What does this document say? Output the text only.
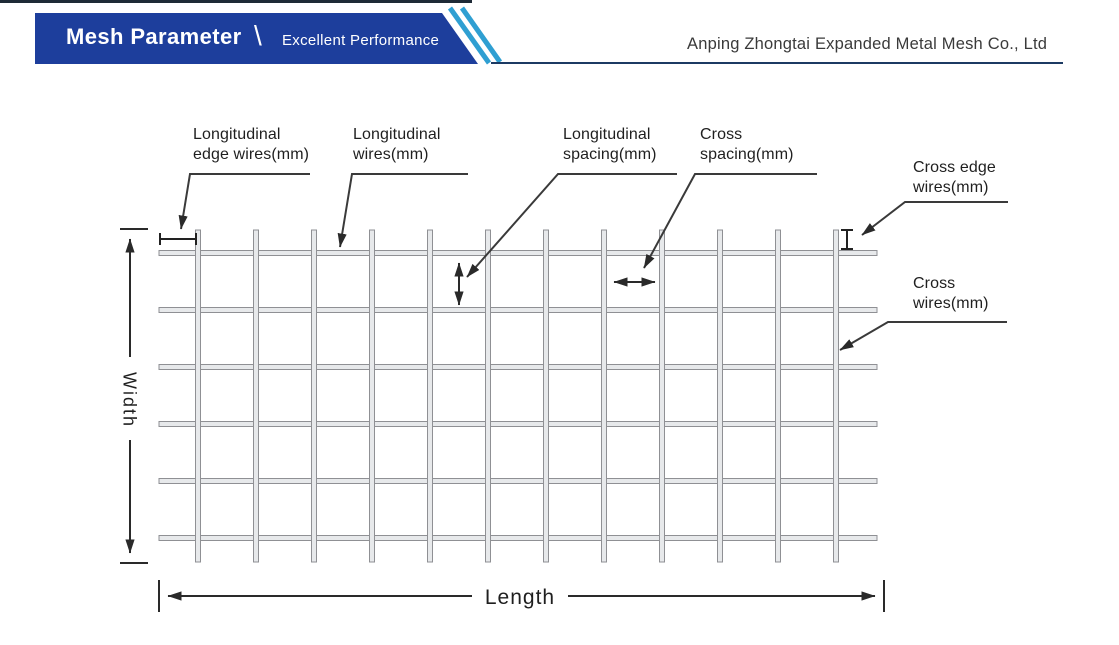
Mesh Parameter \ Excellent Performance	Anping Zhongtai Expanded Metal Mesh Co., Ltd
Longitudinal
edge wires(mm)
Longitudinal
wires(mm)
Longitudinal
spacing(mm)
Cross
spacing(mm)
Cross edge
wires(mm)
Cross
wires(mm)
Width
Length
